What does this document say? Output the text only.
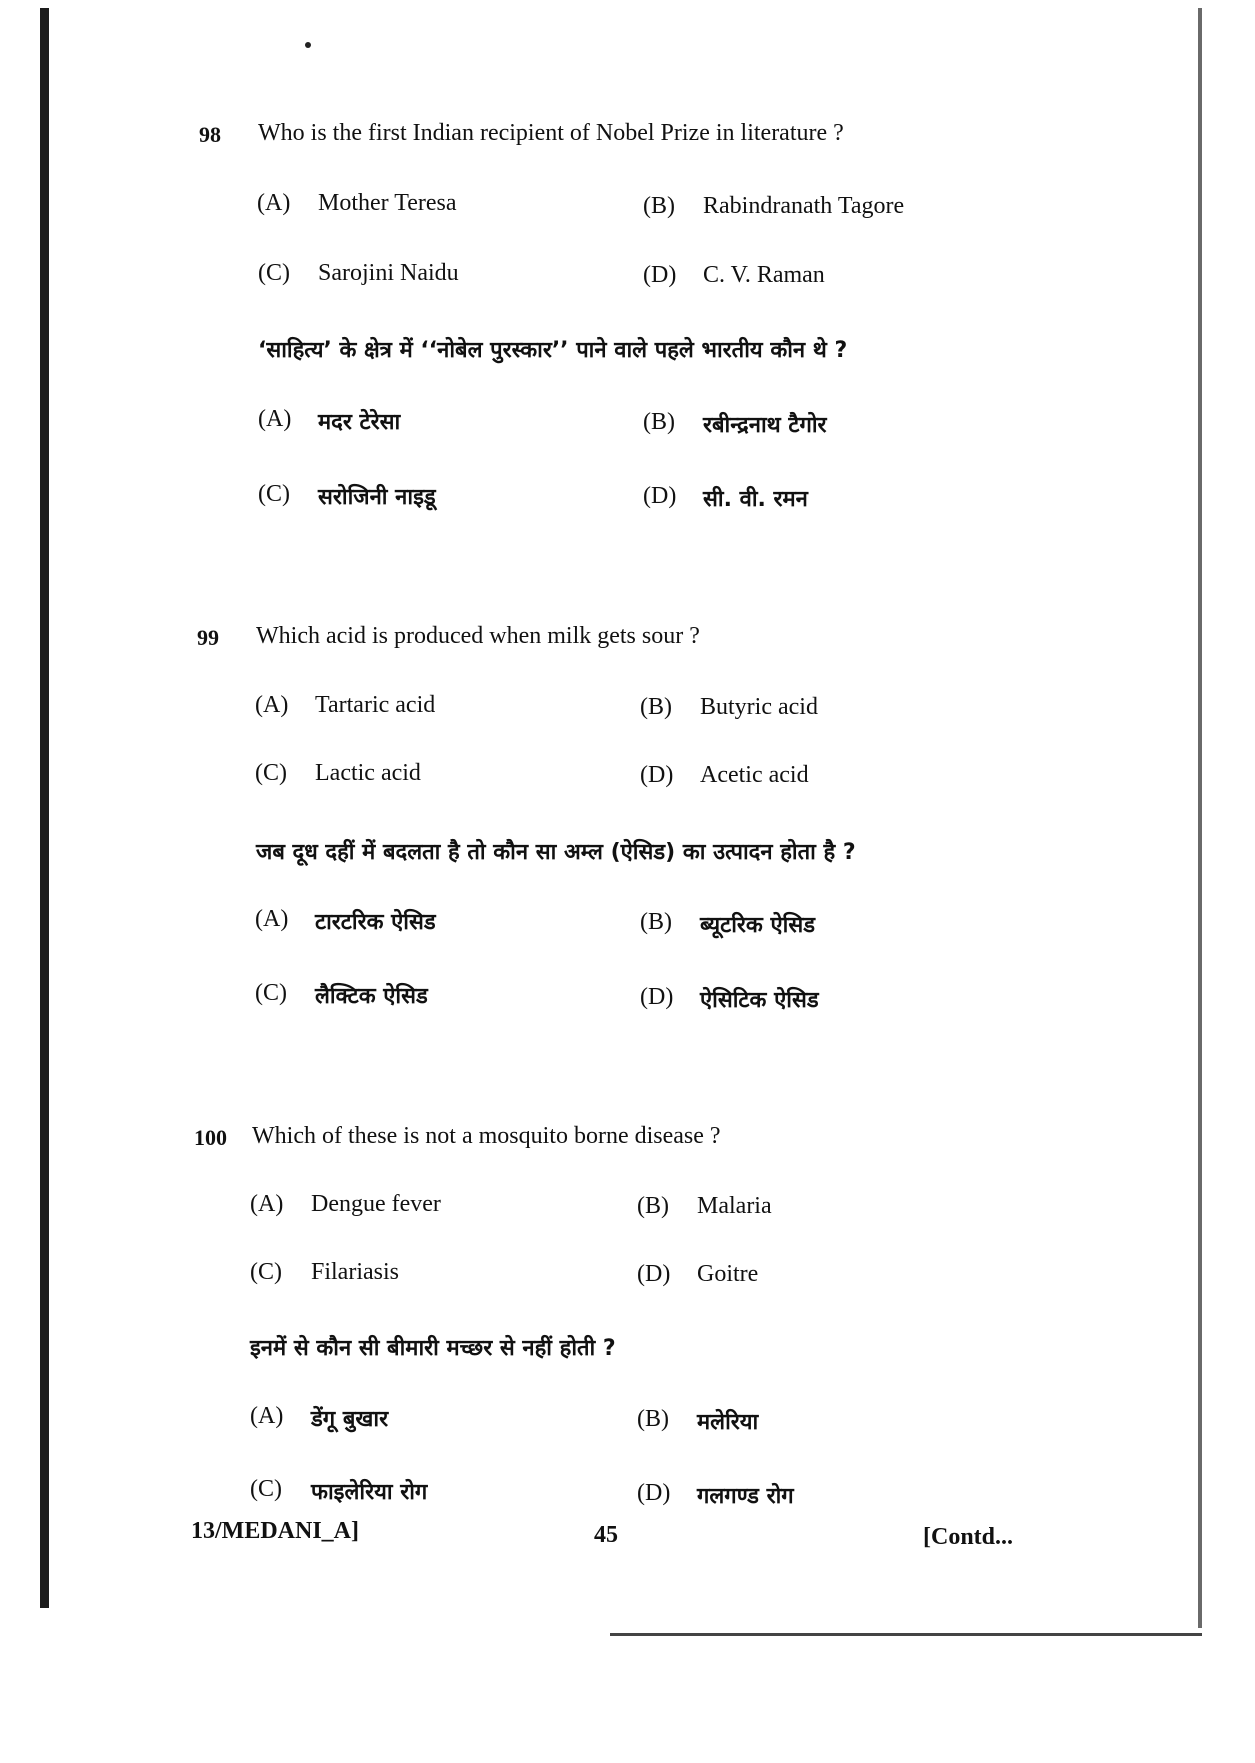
98 Who is the first Indian recipient of Nobel Prize in literature ?
(A) Mother Teresa	(B) Rabindranath Tagore
(C) Sarojini Naidu	(D) C. V. Raman
‘साहित्य’ के क्षेत्र में ‘‘नोबेल पुरस्कार’’ पाने वाले पहले भारतीय कौन थे ?
(A) मदर टेरेसा	(B) रबीन्द्रनाथ टैगोर
(C) सरोजिनी नाइडू	(D) सी. वी. रमन
99 Which acid is produced when milk gets sour ?
(A) Tartaric acid	(B) Butyric acid
(C) Lactic acid	(D) Acetic acid
जब दूध दहीं में बदलता है तो कौन सा अम्ल (ऐसिड) का उत्पादन होता है ?
(A) टारटरिक ऐसिड	(B) ब्यूटरिक ऐसिड
(C) लैक्टिक ऐसिड	(D) ऐसिटिक ऐसिड
100 Which of these is not a mosquito borne disease ?
(A) Dengue fever	(B) Malaria
(C) Filariasis	(D) Goitre
इनमें से कौन सी बीमारी मच्छर से नहीं होती ?
(A) डेंगू बुखार	(B) मलेरिया
(C) फाइलेरिया रोग	(D) गलगण्ड रोग
13/MEDANI_A]	45	[Contd...
